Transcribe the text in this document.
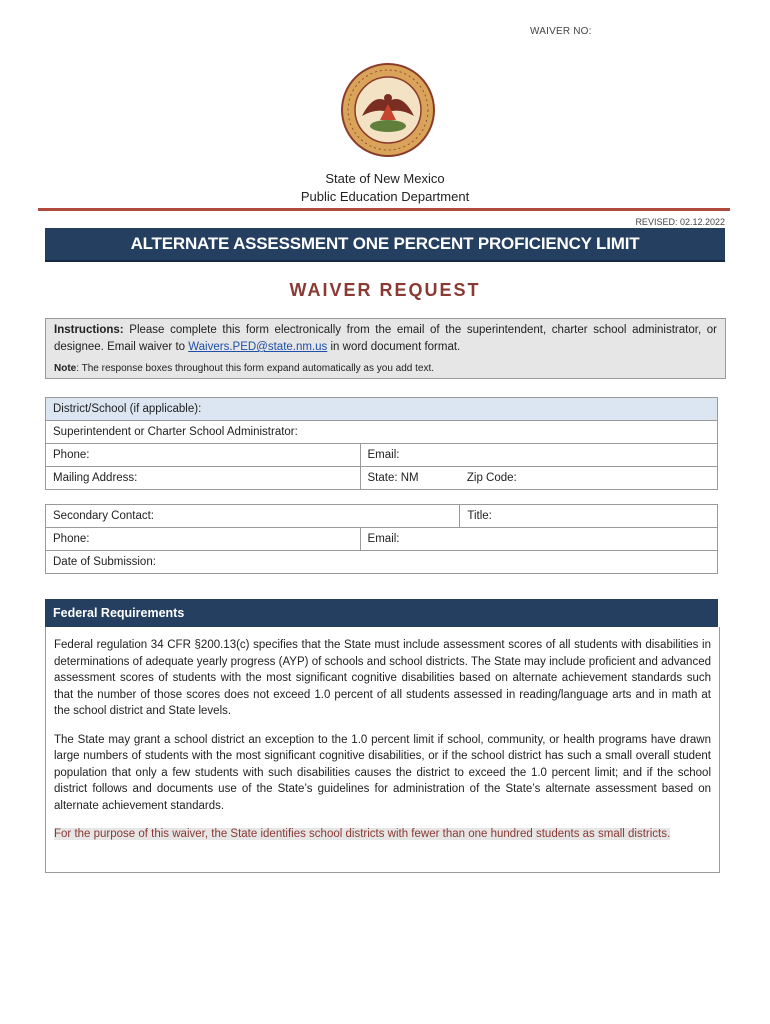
WAIVER NO:
State of New Mexico
Public Education Department
REVISED: 02.12.2022
ALTERNATE ASSESSMENT ONE PERCENT PROFICIENCY LIMIT
WAIVER REQUEST
Instructions: Please complete this form electronically from the email of the superintendent, charter school administrator, or designee. Email waiver to Waivers.PED@state.nm.us in word document format.
Note: The response boxes throughout this form expand automatically as you add text.
District/School (if applicable):		
Superintendent or Charter School Administrator:		
Phone:	Email:	
Mailing Address:	State: NM	Zip Code:
Secondary Contact:		Title:
Phone:	Email:	
Date of Submission:		
Federal Requirements

Federal regulation 34 CFR §200.13(c) specifies that the State must include assessment scores of all students with disabilities in determinations of adequate yearly progress (AYP) of schools and school districts. The State may include proficient and advanced assessment scores of students with the most significant cognitive disabilities based on alternate achievement standards such that the number of those scores does not exceed 1.0 percent of all students assessed in reading/language arts and in math at the school district and State levels.

The State may grant a school district an exception to the 1.0 percent limit if school, community, or health programs have drawn large numbers of students with the most significant cognitive disabilities, or if the school district has such a small overall student population that only a few students with such disabilities causes the district to exceed the 1.0 percent limit; and if the school district follows and documents use of the State’s guidelines for administration of the State’s alternate assessment based on alternate achievement standards.

For the purpose of this waiver, the State identifies school districts with fewer than one hundred students as small districts.
